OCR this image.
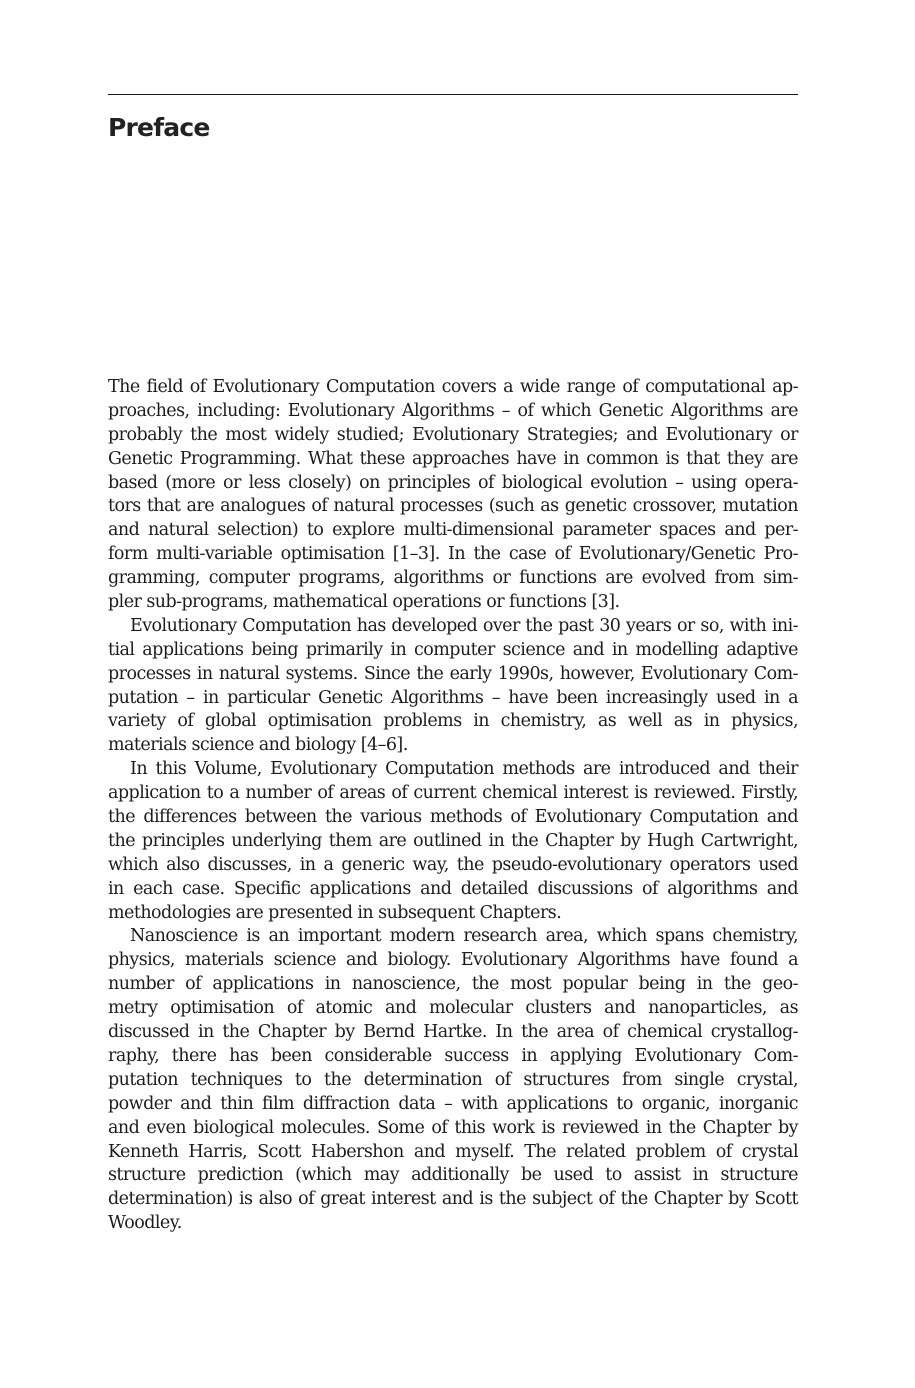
Preface
The field of Evolutionary Computation covers a wide range of computational ap-
proaches, including: Evolutionary Algorithms – of which Genetic Algorithms are
probably the most widely studied; Evolutionary Strategies; and Evolutionary or
Genetic Programming. What these approaches have in common is that they are
based (more or less closely) on principles of biological evolution – using opera-
tors that are analogues of natural processes (such as genetic crossover, mutation
and natural selection) to explore multi-dimensional parameter spaces and per-
form multi-variable optimisation [1–3]. In the case of Evolutionary/Genetic Pro-
gramming, computer programs, algorithms or functions are evolved from sim-
pler sub-programs, mathematical operations or functions [3].
Evolutionary Computation has developed over the past 30 years or so, with ini-
tial applications being primarily in computer science and in modelling adaptive
processes in natural systems. Since the early 1990s, however, Evolutionary Com-
putation – in particular Genetic Algorithms – have been increasingly used in a
variety of global optimisation problems in chemistry, as well as in physics,
materials science and biology [4–6].
In this Volume, Evolutionary Computation methods are introduced and their
application to a number of areas of current chemical interest is reviewed. Firstly,
the differences between the various methods of Evolutionary Computation and
the principles underlying them are outlined in the Chapter by Hugh Cartwright,
which also discusses, in a generic way, the pseudo-evolutionary operators used
in each case. Specific applications and detailed discussions of algorithms and
methodologies are presented in subsequent Chapters.
Nanoscience is an important modern research area, which spans chemistry,
physics, materials science and biology. Evolutionary Algorithms have found a
number of applications in nanoscience, the most popular being in the geo-
metry optimisation of atomic and molecular clusters and nanoparticles, as
discussed in the Chapter by Bernd Hartke. In the area of chemical crystallog-
raphy, there has been considerable success in applying Evolutionary Com-
putation techniques to the determination of structures from single crystal,
powder and thin film diffraction data – with applications to organic, inorganic
and even biological molecules. Some of this work is reviewed in the Chapter by
Kenneth Harris, Scott Habershon and myself. The related problem of crystal
structure prediction (which may additionally be used to assist in structure
determination) is also of great interest and is the subject of the Chapter by Scott
Woodley.
